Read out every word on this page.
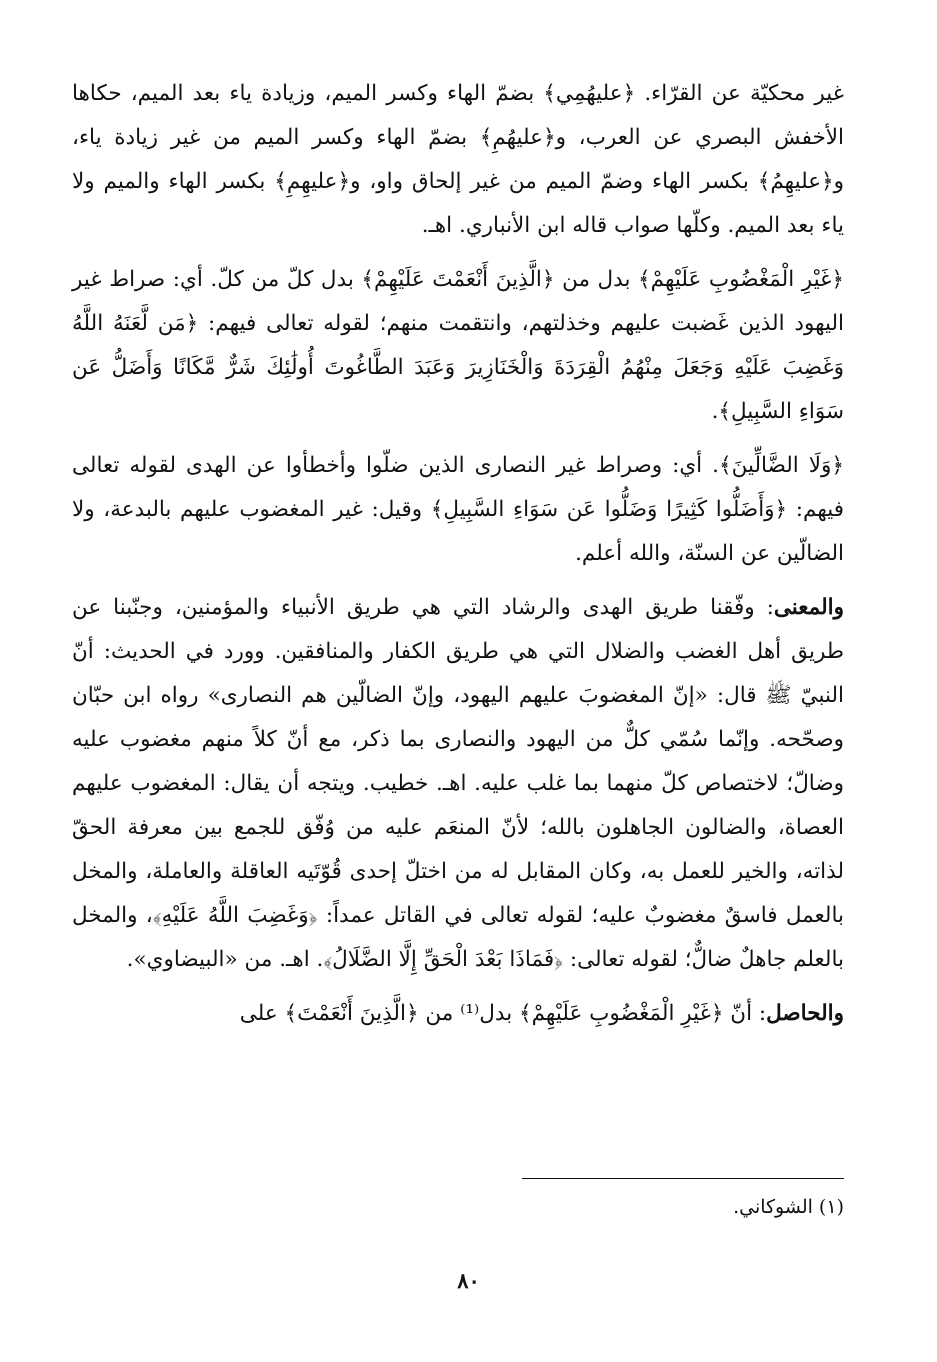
غير محكيّة عن القرّاء. ﴿عليهُمِي﴾ بضمّ الهاء وكسر الميم، وزيادة ياء بعد الميم، حكاها الأخفش البصري عن العرب، و﴿عليهُمِ﴾ بضمّ الهاء وكسر الميم من غير زيادة ياء، و﴿عليهِمُ﴾ بكسر الهاء وضمّ الميم من غير إلحاق واو، و﴿عليهِمِ﴾ بكسر الهاء والميم ولا ياء بعد الميم. وكلّها صواب قاله ابن الأنباري. اهـ.

﴿غَيْرِ الْمَغْضُوبِ عَلَيْهِمْ﴾ بدل من ﴿الَّذِينَ أَنْعَمْتَ عَلَيْهِمْ﴾ بدل كلّ من كلّ. أي: صراط غير اليهود الذين غَضبت عليهم وخذلتهم، وانتقمت منهم؛ لقوله تعالى فيهم: ﴿مَن لَّعَنَهُ اللَّهُ وَغَضِبَ عَلَيْهِ وَجَعَلَ مِنْهُمُ الْقِرَدَةَ وَالْخَنَازِيرَ وَعَبَدَ الطَّاغُوتَ أُولَٰئِكَ شَرٌّ مَّكَانًا وَأَضَلُّ عَن سَوَاءِ السَّبِيلِ﴾.

﴿وَلَا الضَّالِّينَ﴾. أي: وصراط غير النصارى الذين ضلّوا وأخطأوا عن الهدى لقوله تعالى فيهم: ﴿وَأَضَلُّوا كَثِيرًا وَضَلُّوا عَن سَوَاءِ السَّبِيلِ﴾ وقيل: غير المغضوب عليهم بالبدعة، ولا الضالّين عن السنّة، والله أعلم.

والمعنى: وفّقنا طريق الهدى والرشاد التي هي طريق الأنبياء والمؤمنين، وجنّبنا عن طريق أهل الغضب والضلال التي هي طريق الكفار والمنافقين. وورد في الحديث: أنّ النبيّ ﷺ قال: «إنّ المغضوبَ عليهم اليهود، وإنّ الضالّين هم النصارى» رواه ابن حبّان وصحّحه. وإنّما سُمّي كلٌّ من اليهود والنصارى بما ذكر، مع أنّ كلاً منهم مغضوب عليه وضالّ؛ لاختصاص كلّ منهما بما غلب عليه. اهـ. خطيب. ويتجه أن يقال: المغضوب عليهم العصاة، والضالون الجاهلون بالله؛ لأنّ المنعَم عليه من وُفّق للجمع بين معرفة الحقّ لذاته، والخير للعمل به، وكان المقابل له من اختلّ إحدى قُوّتَيه العاقلة والعاملة، والمخل بالعمل فاسقٌ مغضوبٌ عليه؛ لقوله تعالى في القاتل عمداً: ﴿وَغَضِبَ اللَّهُ عَلَيْهِ﴾، والمخل بالعلم جاهلٌ ضالٌّ؛ لقوله تعالى: ﴿فَمَاذَا بَعْدَ الْحَقِّ إِلَّا الضَّلَالُ﴾. اهـ. من «البيضاوي».

والحاصل: أنّ ﴿غَيْرِ الْمَغْضُوبِ عَلَيْهِمْ﴾ بدل⁽¹⁾ من ﴿الَّذِينَ أَنْعَمْتَ﴾ على

(١) الشوكاني.
٨٠
